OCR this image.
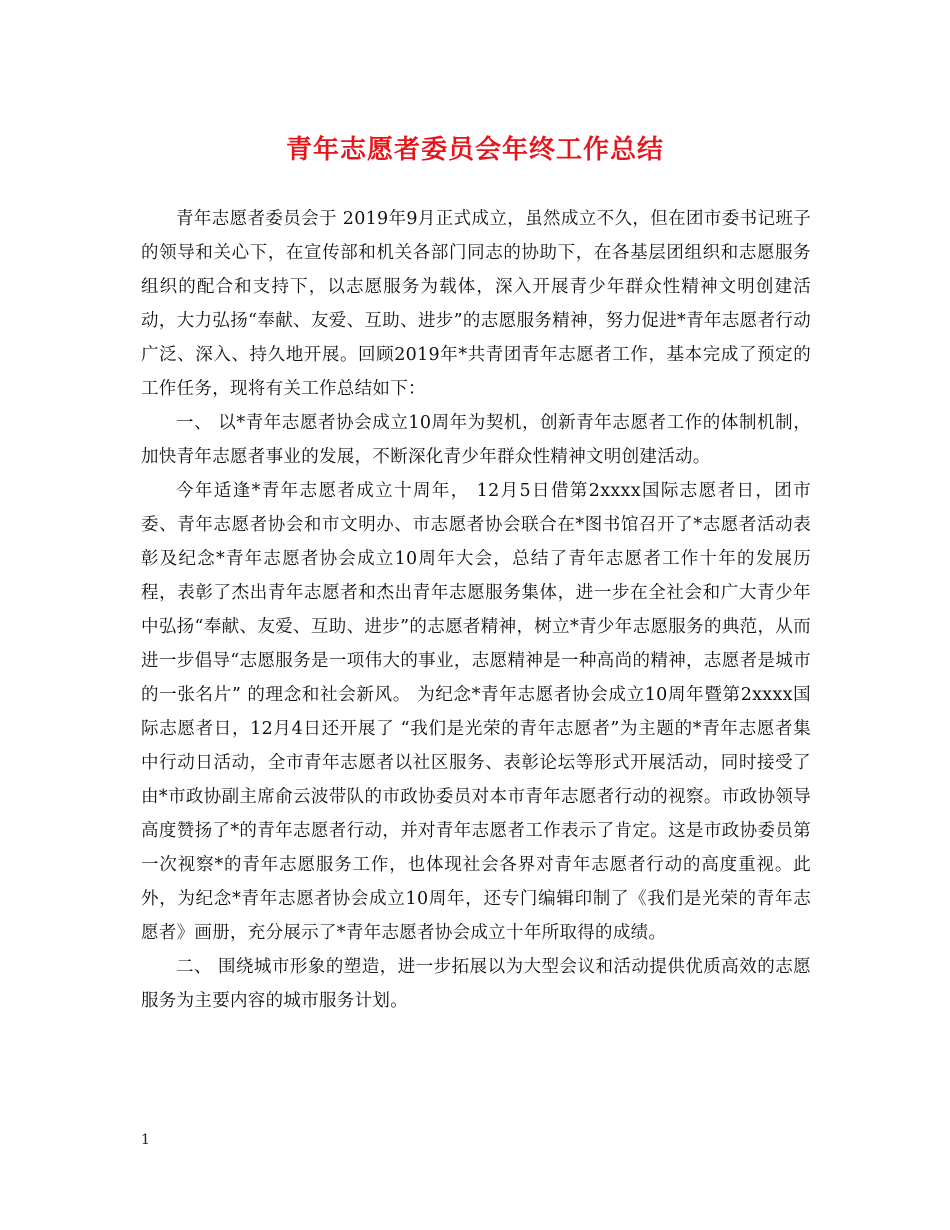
青年志愿者委员会年终工作总结

青年志愿者委员会于 2019年9月正式成立，虽然成立不久，但在团市委书记班子的领导和关心下，在宣传部和机关各部门同志的协助下，在各基层团组织和志愿服务组织的配合和支持下，以志愿服务为载体，深入开展青少年群众性精神文明创建活动，大力弘扬“奉献、友爱、互助、进步”的志愿服务精神，努力促进*青年志愿者行动广泛、深入、持久地开展。回顾2019年*共青团青年志愿者工作，基本完成了预定的工作任务，现将有关工作总结如下：

一、 以*青年志愿者协会成立10周年为契机，创新青年志愿者工作的体制机制，加快青年志愿者事业的发展，不断深化青少年群众性精神文明创建活动。

今年适逢*青年志愿者成立十周年， 12月5日借第2xxxx国际志愿者日，团市委、青年志愿者协会和市文明办、市志愿者协会联合在*图书馆召开了*志愿者活动表彰及纪念*青年志愿者协会成立10周年大会，总结了青年志愿者工作十年的发展历程，表彰了杰出青年志愿者和杰出青年志愿服务集体，进一步在全社会和广大青少年中弘扬“奉献、友爱、互助、进步”的志愿者精神，树立*青少年志愿服务的典范，从而进一步倡导“志愿服务是一项伟大的事业，志愿精神是一种高尚的精神，志愿者是城市的一张名片” 的理念和社会新风。 为纪念*青年志愿者协会成立10周年暨第2xxxx国际志愿者日，12月4日还开展了 “我们是光荣的青年志愿者”为主题的*青年志愿者集中行动日活动，全市青年志愿者以社区服务、表彰论坛等形式开展活动，同时接受了由*市政协副主席俞云波带队的市政协委员对本市青年志愿者行动的视察。市政协领导高度赞扬了*的青年志愿者行动，并对青年志愿者工作表示了肯定。这是市政协委员第一次视察*的青年志愿服务工作，也体现社会各界对青年志愿者行动的高度重视。此外，为纪念*青年志愿者协会成立10周年，还专门编辑印制了《我们是光荣的青年志愿者》画册，充分展示了*青年志愿者协会成立十年所取得的成绩。

二、 围绕城市形象的塑造，进一步拓展以为大型会议和活动提供优质高效的志愿服务为主要内容的城市服务计划。

1
